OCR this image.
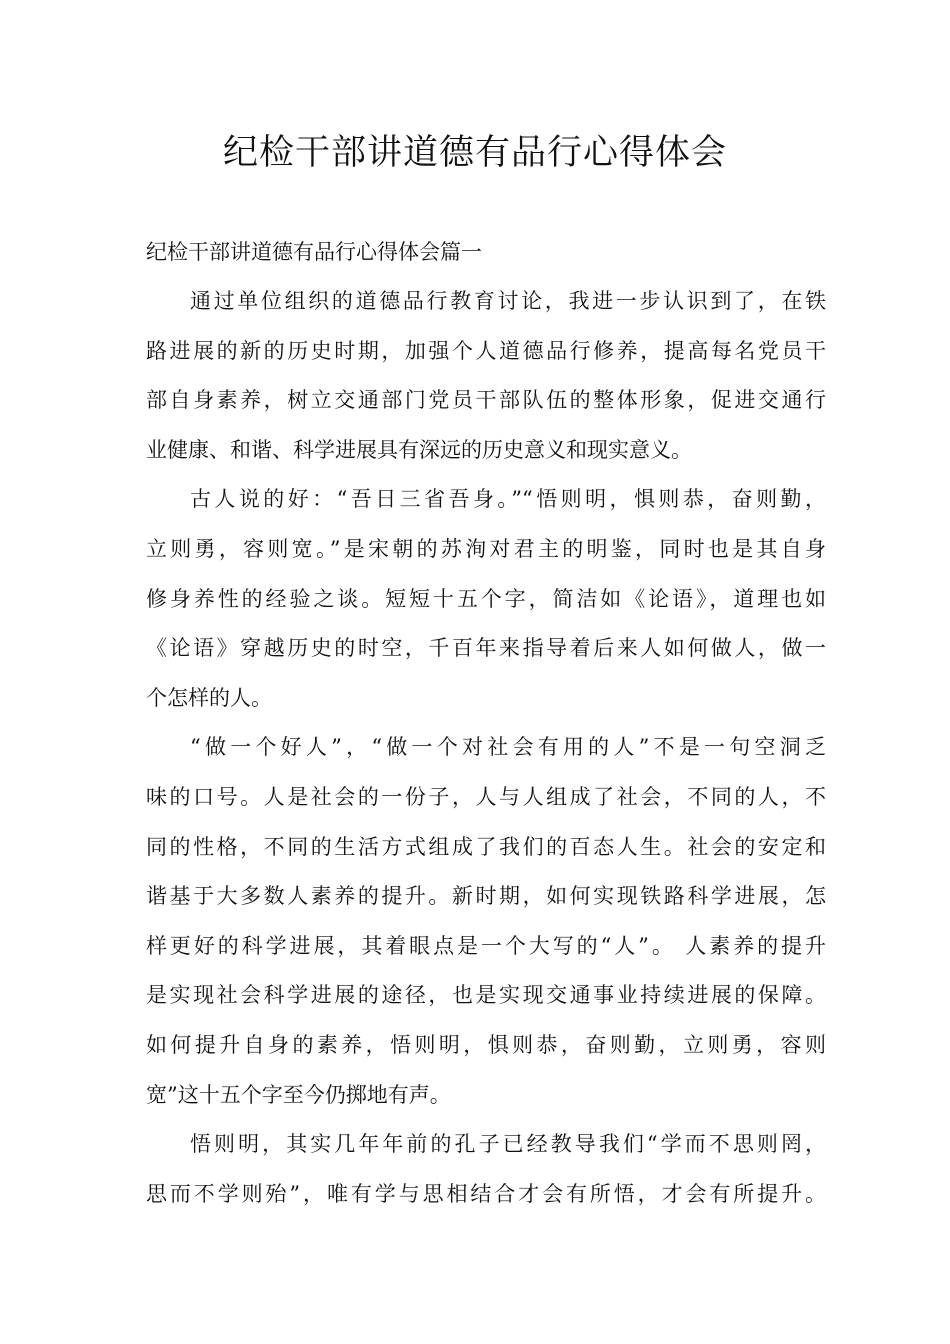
纪检干部讲道德有品行心得体会
纪检干部讲道德有品行心得体会篇一
通过单位组织的道德品行教育讨论，我进一步认识到了，在铁
路进展的新的历史时期，加强个人道德品行修养，提高每名党员干
部自身素养，树立交通部门党员干部队伍的整体形象，促进交通行
业健康、和谐、科学进展具有深远的历史意义和现实意义。
古人说的好：“吾日三省吾身。”“悟则明，惧则恭，奋则勤，
立则勇，容则宽。”是宋朝的苏洵对君主的明鉴，同时也是其自身
修身养性的经验之谈。短短十五个字，简洁如《论语》，道理也如
《论语》穿越历史的时空，千百年来指导着后来人如何做人，做一
个怎样的人。
“做一个好人”，“做一个对社会有用的人”不是一句空洞乏
味的口号。人是社会的一份子，人与人组成了社会，不同的人，不
同的性格，不同的生活方式组成了我们的百态人生。社会的安定和
谐基于大多数人素养的提升。新时期，如何实现铁路科学进展，怎
样更好的科学进展，其着眼点是一个大写的“人”。 人素养的提升
是实现社会科学进展的途径，也是实现交通事业持续进展的保障。
如何提升自身的素养，悟则明，惧则恭，奋则勤，立则勇，容则
宽”这十五个字至今仍掷地有声。
悟则明，其实几年年前的孔子已经教导我们“学而不思则罔，
思而不学则殆”，唯有学与思相结合才会有所悟，才会有所提升。
